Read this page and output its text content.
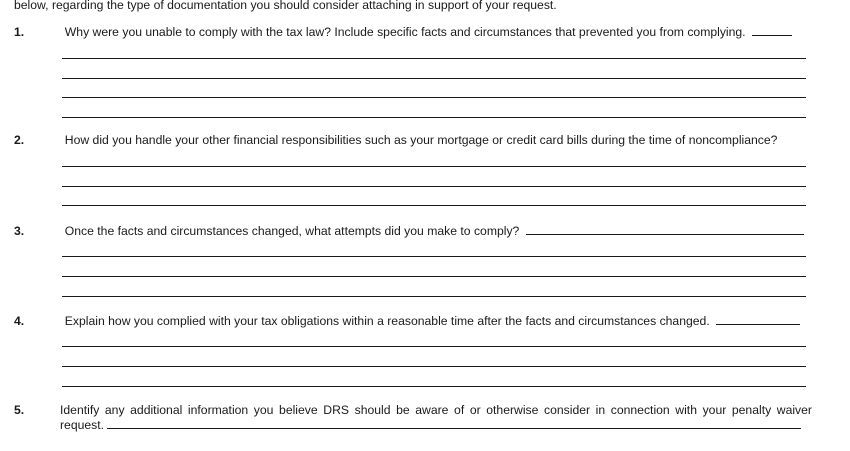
below, regarding the type of documentation you should consider attaching in support of your request.
1.	Why were you unable to comply with the tax law? Include specific facts and circumstances that prevented you from complying.
2.	How did you handle your other financial responsibilities such as your mortgage or credit card bills during the time of noncompliance?
3.	Once the facts and circumstances changed, what attempts did you make to comply?
4.	Explain how you complied with your tax obligations within a reasonable time after the facts and circumstances changed.
5.	Identify any additional information you believe DRS should be aware of or otherwise consider in connection with your penalty waiver
request.
